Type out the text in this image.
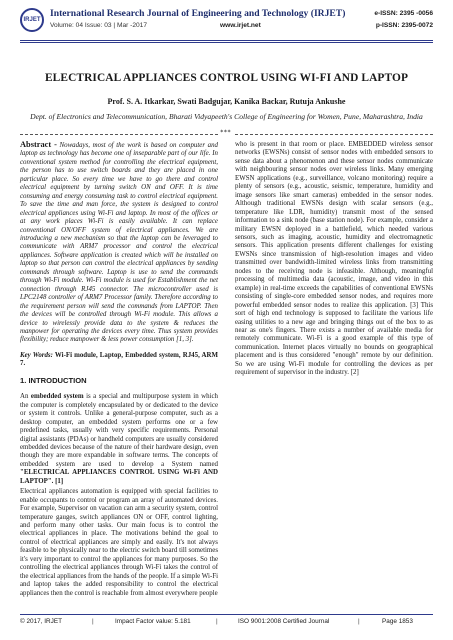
IRJET
International Research Journal of Engineering and Technology (IRJET)	e-ISSN: 2395 -0056
Volume: 04 Issue: 03 | Mar -2017	www.irjet.net	p-ISSN: 2395-0072
ELECTRICAL APPLIANCES CONTROL USING WI-FI AND LAPTOP
Prof. S. A. Itkarkar, Swati Badgujar, Kanika Backar, Rutuja Ankushe
Dept. of Electronics and Telecommunication, Bharati Vidyapeeth's College of Engineering for Women, Pune, Maharashtra, India
***

Abstract - Nowadays, most of the work is based on computer and laptop as technology has become one of inseparable part of our life. In conventional system method for controlling the electrical equipment, the person has to use switch boards and they are placed in one particular place. So every time we have to go there and control electrical equipment by turning switch ON and OFF. It is time consuming and energy consuming task to control electrical equipment. To save the time and man force, the system is designed to control electrical appliances using Wi-Fi and laptop. In most of the offices or at any work places Wi-Fi is easily available. It can replace conventional ON/OFF system of electrical appliances. We are introducing a new mechanism so that the laptop can be leveraged to communicate with ARM7 processor and control the electrical appliances. Software application is created which will be installed on laptop so that person can control the electrical appliances by sending commands through software. Laptop is use to send the commands through Wi-Fi module. Wi-Fi module is used for Establishment the net connection through RJ45 connector. The microcontroller used is LPC2148 controller of ARM7 Processor family. Therefore according to the requirement person will send the commands from LAPTOP. Then the devices will be controlled through Wi-Fi module. This allows a device to wirelessly provide data to the system & reduces the manpower for operating the devices every time. Thus system provides flexibility; reduce manpower & less power consumption [1, 3].

Key Words: Wi-Fi module, Laptop, Embedded system, RJ45, ARM 7.

1. INTRODUCTION

An embedded system is a special and multipurpose system in which the computer is completely encapsulated by or dedicated to the device or system it controls. Unlike a general-purpose computer, such as a desktop computer, an embedded system performs one or a few predefined tasks, usually with very specific requirements. Personal digital assistants (PDAs) or handheld computers are usually considered embedded devices because of the nature of their hardware design, even though they are more expandable in software terms. The concepts of embedded system are used to develop a System named "ELECTRICAL APPLIANCES CONTROL USING Wi-Fi AND LAPTOP". [1]

Electrical appliances automation is equipped with special facilities to enable occupants to control or program an array of automated devices. For example, Supervisor on vacation can arm a security system, control temperature gauges, switch appliances ON or OFF, control lighting, and perform many other tasks. Our main focus is to control the electrical appliances in place. The motivations behind the goal to control of electrical appliances are simply and easily. It's not always feasible to be physically near to the electric switch board till sometimes it's very important to control the appliances for many purposes. So the controlling the electrical appliances through Wi-Fi takes the control of the electrical appliances from the hands of the people. If a simple Wi-Fi and laptop takes the added responsibility to control the electrical appliances then the control is reachable from almost everywhere people

who is present in that room or place. EMBEDDED wireless sensor networks (EWSNs) consist of sensor nodes with embedded sensors to sense data about a phenomenon and these sensor nodes communicate with neighbouring sensor nodes over wireless links. Many emerging EWSN applications (e.g., surveillance, volcano monitoring) require a plenty of sensors (e.g., acoustic, seismic, temperature, humidity and image sensors like smart cameras) embedded in the sensor nodes. Although traditional EWSNs design with scalar sensors (e.g., temperature like LDR, humidity) transmit most of the sensed information to a sink node (base station node). For example, consider a military EWSN deployed in a battlefield, which needed various sensors, such as imaging, acoustic, humidity and electromagnetic sensors. This application presents different challenges for existing EWSNs since transmission of high-resolution images and video transmitted over bandwidth-limited wireless links from transmitting nodes to the receiving node is infeasible. Although, meaningful processing of multimedia data (acoustic, image, and video in this example) in real-time exceeds the capabilities of conventional EWSNs consisting of single-core embedded sensor nodes, and requires more powerful embedded sensor nodes to realize this application. [3] This sort of high end technology is supposed to facilitate the various life easing utilities to a new age and bringing things out of the box to as near as one's fingers. There exists a number of available media for remotely communicate. Wi-Fi is a good example of this type of communication. Internet places virtually no bounds on geographical placement and is thus considered "enough" remote by our definition. So we are using Wi-Fi module for controlling the devices as per requirement of supervisor in the industry. [2]

© 2017, IRJET	|	Impact Factor value: 5.181	|	ISO 9001:2008 Certified Journal	|	Page 1853
